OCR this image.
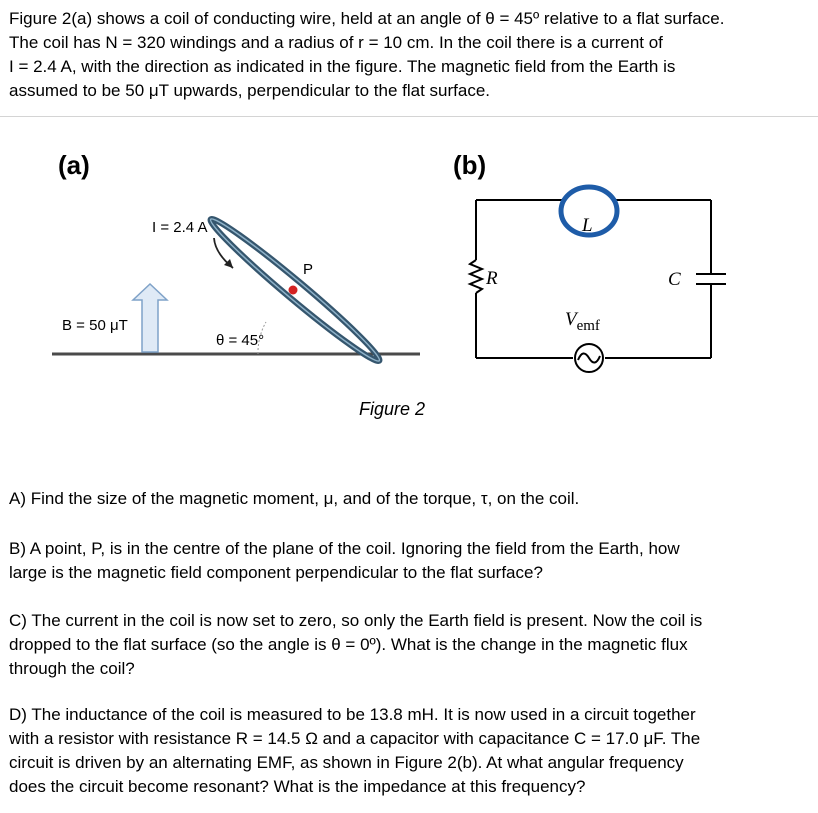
Figure 2(a) shows a coil of conducting wire, held at an angle of θ = 45º relative to a flat surface.
The coil has N = 320 windings and a radius of r = 10 cm. In the coil there is a current of
I = 2.4 A, with the direction as indicated in the figure. The magnetic field from the Earth is
assumed to be 50 μT upwards, perpendicular to the flat surface.
(a)	(b)
B = 50 μT
I = 2.4 A
P
θ = 45°
L
R	C
$V_{emf}$
Figure 2
A) Find the size of the magnetic moment, μ, and of the torque, τ, on the coil.
B) A point, P, is in the centre of the plane of the coil. Ignoring the field from the Earth, how
large is the magnetic field component perpendicular to the flat surface?
C) The current in the coil is now set to zero, so only the Earth field is present. Now the coil is
dropped to the flat surface (so the angle is θ = 0º). What is the change in the magnetic flux
through the coil?
D) The inductance of the coil is measured to be 13.8 mH. It is now used in a circuit together
with a resistor with resistance R = 14.5 Ω and a capacitor with capacitance C = 17.0 μF. The
circuit is driven by an alternating EMF, as shown in Figure 2(b). At what angular frequency
does the circuit become resonant? What is the impedance at this frequency?
